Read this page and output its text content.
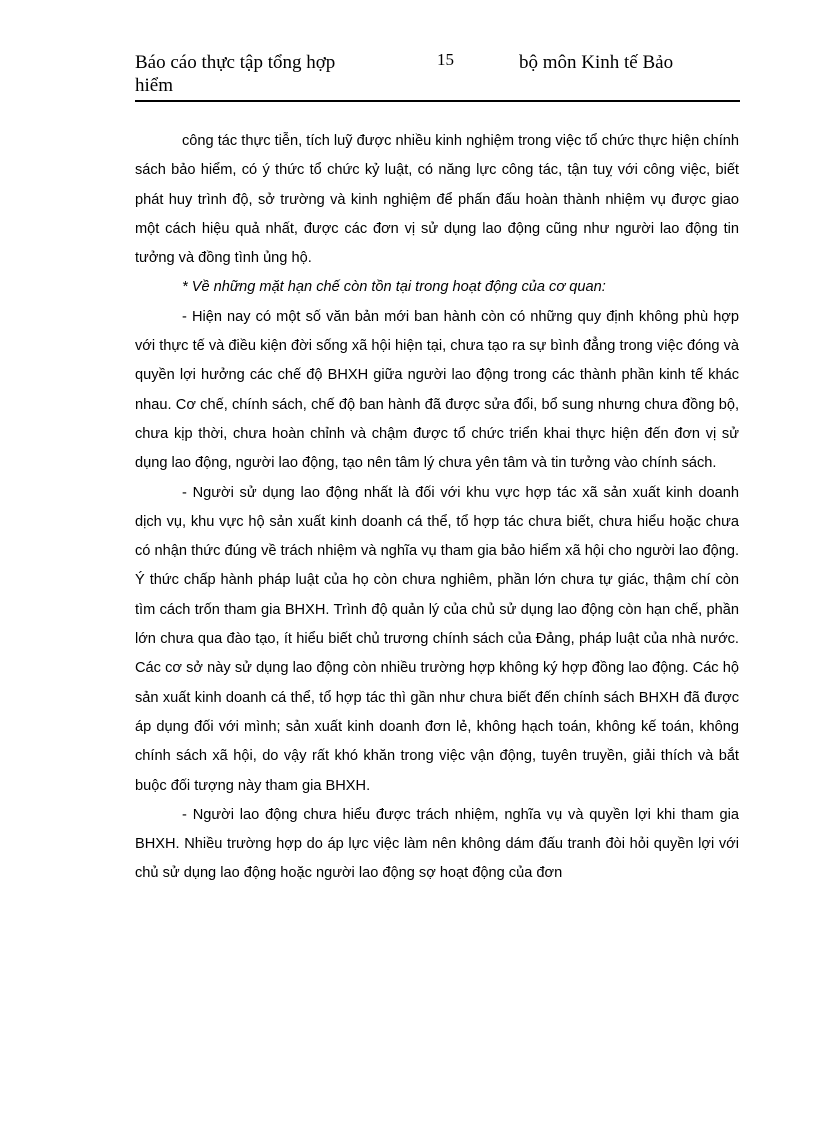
Báo cáo thực tập tổng hợp hiểm
15	bộ môn Kinh tế Bảo

công tác thực tiễn, tích luỹ được nhiều kinh nghiệm trong việc tổ chức thực hiện chính sách bảo hiểm, có ý thức tổ chức kỷ luật, có năng lực công tác, tận tuỵ với công việc, biết phát huy trình độ, sở trường và kinh nghiệm để phấn đấu hoàn thành nhiệm vụ được giao một cách hiệu quả nhất, được các đơn vị sử dụng lao động cũng như người lao động tin tưởng và đồng tình ủng hộ.

* Về những mặt hạn chế còn tồn tại trong hoạt động của cơ quan:

- Hiện nay có một số văn bản mới ban hành còn có những quy định không phù hợp với thực tế và điều kiện đời sống xã hội hiện tại, chưa tạo ra sự bình đẳng trong việc đóng và quyền lợi hưởng các chế độ BHXH giữa người lao động trong các thành phần kinh tế khác nhau. Cơ chế, chính sách, chế độ ban hành đã được sửa đổi, bổ sung nhưng chưa đồng bộ, chưa kịp thời, chưa hoàn chỉnh và chậm được tổ chức triển khai thực hiện đến đơn vị sử dụng lao động, người lao động, tạo nên tâm lý chưa yên tâm và tin tưởng vào chính sách.

- Người sử dụng lao động nhất là đối với khu vực hợp tác xã sản xuất kinh doanh dịch vụ, khu vực hộ sản xuất kinh doanh cá thể, tổ hợp tác chưa biết, chưa hiểu hoặc chưa có nhận thức đúng về trách nhiệm và nghĩa vụ tham gia bảo hiểm xã hội cho người lao động. Ý thức chấp hành pháp luật của họ còn chưa nghiêm, phần lớn chưa tự giác, thậm chí còn tìm cách trốn tham gia BHXH. Trình độ quản lý của chủ sử dụng lao động còn hạn chế, phần lớn chưa qua đào tạo, ít hiểu biết chủ trương chính sách của Đảng, pháp luật của nhà nước. Các cơ sở này sử dụng lao động còn nhiều trường hợp không ký hợp đồng lao động. Các hộ sản xuất kinh doanh cá thể, tổ hợp tác thì gần như chưa biết đến chính sách BHXH đã được áp dụng đối với mình; sản xuất kinh doanh đơn lẻ, không hạch toán, không kế toán, không chính sách xã hội, do vậy rất khó khăn trong việc vận động, tuyên truyền, giải thích và bắt buộc đối tượng này tham gia BHXH.

- Người lao động chưa hiểu được trách nhiệm, nghĩa vụ và quyền lợi khi tham gia BHXH. Nhiều trường hợp do áp lực việc làm nên không dám đấu tranh đòi hỏi quyền lợi với chủ sử dụng lao động hoặc người lao động sợ hoạt động của đơn
